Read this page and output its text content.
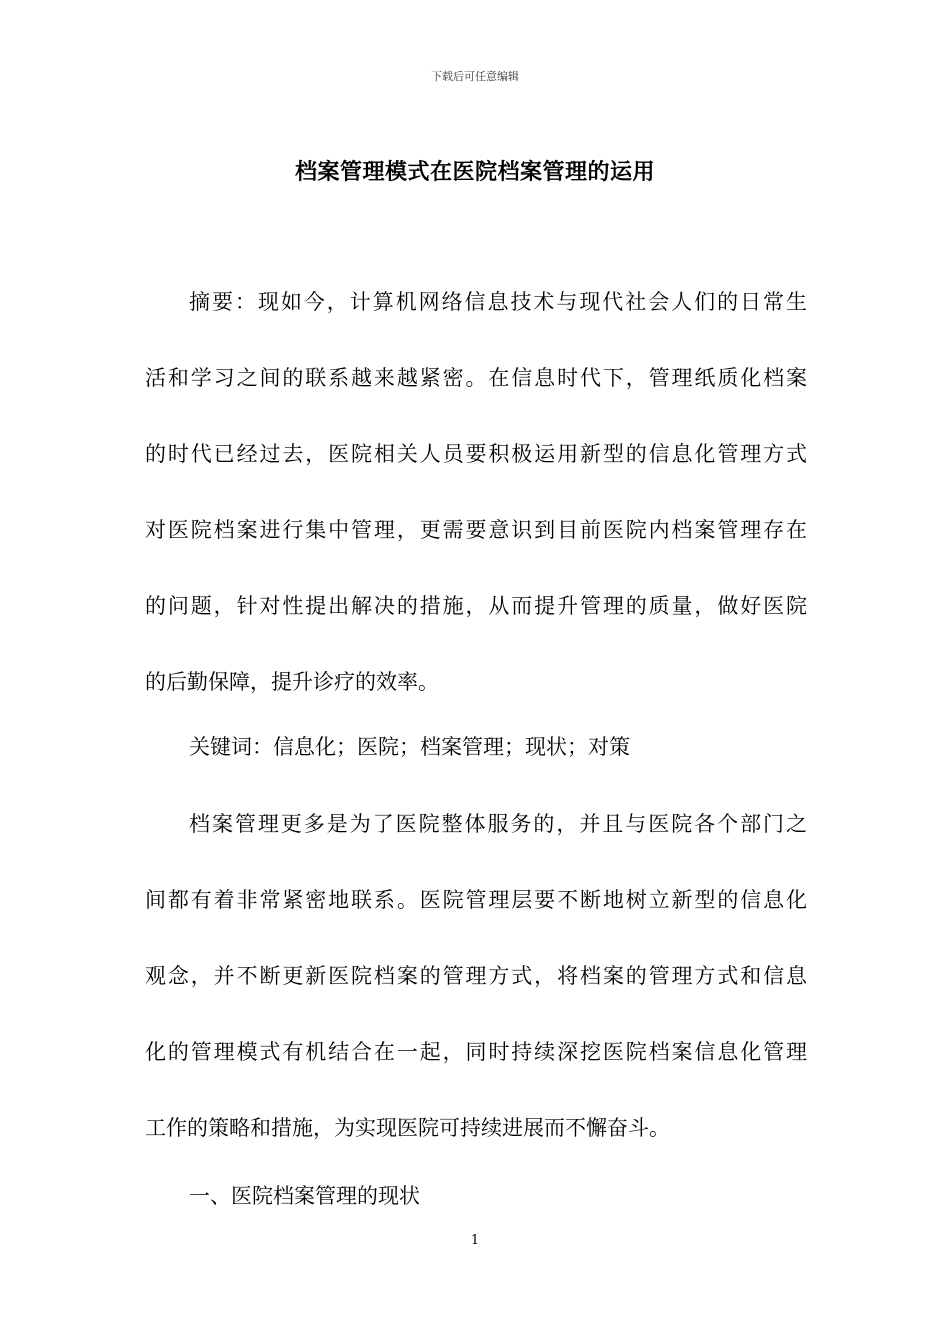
下载后可任意编辑
档案管理模式在医院档案管理的运用
摘要：现如今，计算机网络信息技术与现代社会人们的日常生
活和学习之间的联系越来越紧密。在信息时代下，管理纸质化档案
的时代已经过去，医院相关人员要积极运用新型的信息化管理方式
对医院档案进行集中管理，更需要意识到目前医院内档案管理存在
的问题，针对性提出解决的措施，从而提升管理的质量，做好医院
的后勤保障，提升诊疗的效率。
关键词：信息化；医院；档案管理；现状；对策
档案管理更多是为了医院整体服务的，并且与医院各个部门之
间都有着非常紧密地联系。医院管理层要不断地树立新型的信息化
观念，并不断更新医院档案的管理方式，将档案的管理方式和信息
化的管理模式有机结合在一起，同时持续深挖医院档案信息化管理
工作的策略和措施，为实现医院可持续进展而不懈奋斗。
一、医院档案管理的现状
1
